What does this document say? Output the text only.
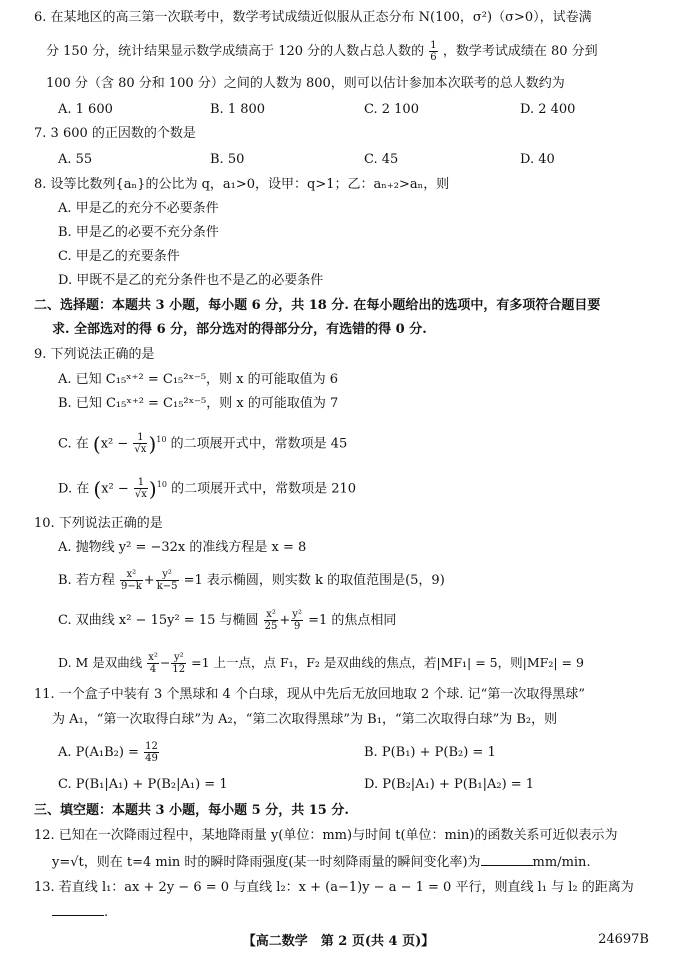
6. 在某地区的高三第一次联考中，数学考试成绩近似服从正态分布 N(100，σ²)（σ>0），试卷满
分 150 分，统计结果显示数学成绩高于 120 分的人数占总人数的 $\frac{1}{6}$ ，数学考试成绩在 80 分到
100 分（含 80 分和 100 分）之间的人数为 800，则可以估计参加本次联考的总人数约为
A. 1 600	B. 1 800	C. 2 100	D. 2 400
7. 3 600 的正因数的个数是
A. 55	B. 50	C. 45	D. 40
8. 设等比数列{aₙ}的公比为 q，a₁>0，设甲：q>1；乙：aₙ₊₂>aₙ，则
A. 甲是乙的充分不必要条件
B. 甲是乙的必要不充分条件
C. 甲是乙的充要条件
D. 甲既不是乙的充分条件也不是乙的必要条件
二、选择题：本题共 3 小题，每小题 6 分，共 18 分. 在每小题给出的选项中，有多项符合题目要
求. 全部选对的得 6 分，部分选对的得部分分，有选错的得 0 分.
9. 下列说法正确的是
A. 已知 C₁₅ˣ⁺² = C₁₅²ˣ⁻⁵，则 x 的可能取值为 6
B. 已知 C₁₅ˣ⁺² = C₁₅²ˣ⁻⁵，则 x 的可能取值为 7
C. 在 $(x^2 - \frac{1}{√x} )^{10}$ 的二项展开式中，常数项是 45
D. 在 $(x^2 - \frac{1}{√x} )^{10}$ 的二项展开式中，常数项是 210
10. 下列说法正确的是
A. 抛物线 y² = −32x 的准线方程是 x = 8
B. 若方程 $\frac{\text{x²}}{9-k} + \frac{\text{y²}}{k-5} =1$ 表示椭圆，则实数 k 的取值范围是(5，9)
C. 双曲线 x² − 15y² = 15 与椭圆 $\frac{\text{x²}}{25} + \frac{\text{y²}}{9} =1$ 的焦点相同
D. M 是双曲线 $\frac{\text{x²}}{4} - \frac{\text{y²}}{12} =1$ 上一点，点 F₁，F₂ 是双曲线的焦点，若|MF₁| = 5，则|MF₂| = 9
11. 一个盒子中装有 3 个黑球和 4 个白球，现从中先后无放回地取 2 个球. 记“第一次取得黑球”
为 A₁，“第一次取得白球”为 A₂，“第二次取得黑球”为 B₁，“第二次取得白球”为 B₂，则
A. $P(A_1B_2) = \frac{12}{49}$	B. P(B₁) + P(B₂) = 1
C. P(B₁|A₁) + P(B₂|A₁) = 1	D. P(B₂|A₁) + P(B₁|A₂) = 1
三、填空题：本题共 3 小题，每小题 5 分，共 15 分.
12. 已知在一次降雨过程中，某地降雨量 y(单位：mm)与时间 t(单位：min)的函数关系可近似表示为
y=√t，则在 t=4 min 时的瞬时降雨强度(某一时刻降雨量的瞬间变化率)为	mm/min.
13. 若直线 l₁：ax + 2y − 6 = 0 与直线 l₂：x + (a−1)y − a − 1 = 0 平行，则直线 l₁ 与 l₂ 的距离为
.
【高二数学　第 2 页(共 4 页)】	24697B
